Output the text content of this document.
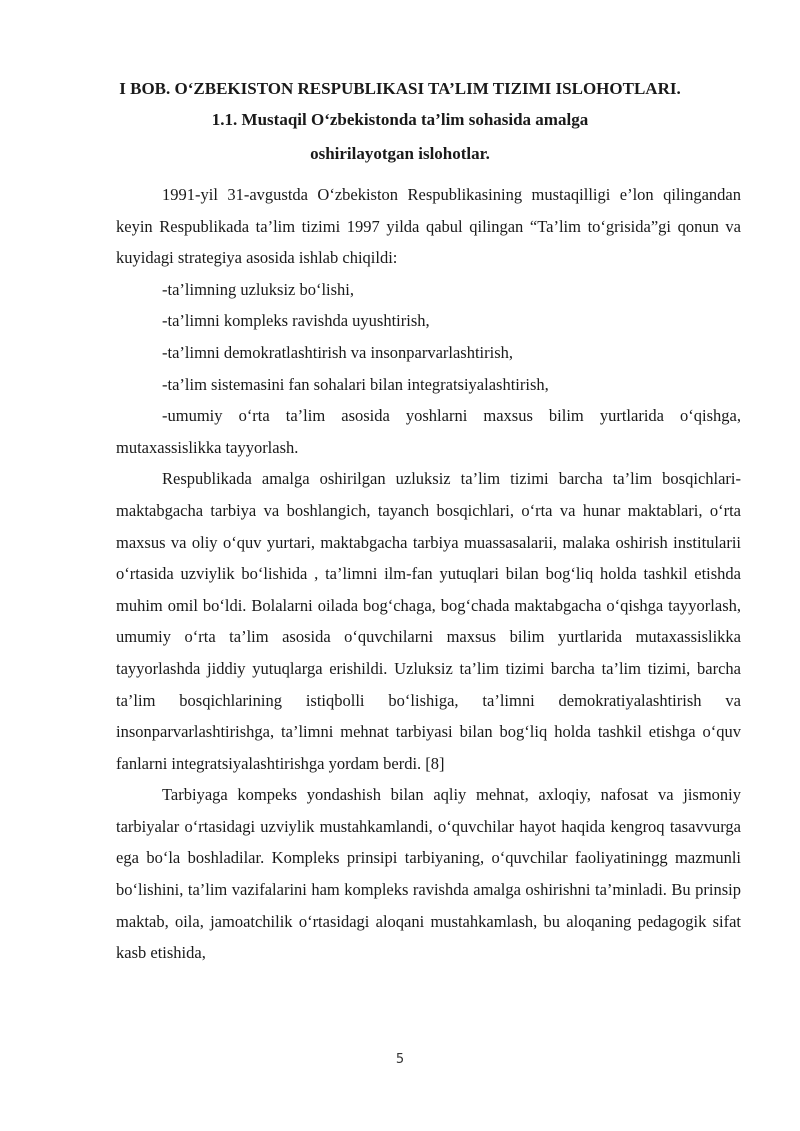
I BOB. O‘ZBEKISTON RESPUBLIKASI TA’LIM TIZIMI ISLOHOTLARI.
1.1. Mustaqil O‘zbekistonda ta’lim sohasida amalga
oshirilayotgan islohotlar.

1991-yil 31-avgustda O‘zbekiston Respublikasining mustaqilligi e’lon qilingandan keyin Respublikada ta’lim tizimi 1997 yilda qabul qilingan “Ta’lim to‘grisida”gi qonun va kuyidagi strategiya asosida ishlab chiqildi:

-ta’limning uzluksiz bo‘lishi,

-ta’limni kompleks ravishda uyushtirish,

-ta’limni demokratlashtirish va insonparvarlashtirish,

-ta’lim sistemasini fan sohalari bilan integratsiyalashtirish,

-umumiy o‘rta ta’lim asosida yoshlarni maxsus bilim yurtlarida o‘qishga, mutaxassislikka tayyorlash.

Respublikada amalga oshirilgan uzluksiz ta’lim tizimi barcha ta’lim bosqichlari-maktabgacha tarbiya va boshlangich, tayanch bosqichlari, o‘rta va hunar maktablari, o‘rta maxsus va oliy o‘quv yurtari, maktabgacha tarbiya muassasalarii, malaka oshirish institularii o‘rtasida uzviylik bo‘lishida , ta’limni ilm-fan yutuqlari bilan bog‘liq holda tashkil etishda muhim omil bo‘ldi. Bolalarni oilada bog‘chaga, bog‘chada maktabgacha o‘qishga tayyorlash, umumiy o‘rta ta’lim asosida o‘quvchilarni maxsus bilim yurtlarida mutaxassislikka tayyorlashda jiddiy yutuqlarga erishildi. Uzluksiz ta’lim tizimi barcha ta’lim tizimi, barcha ta’lim bosqichlarining istiqbolli bo‘lishiga, ta’limni demokratiyalashtirish va insonparvarlashtirishga, ta’limni mehnat tarbiyasi bilan bog‘liq holda tashkil etishga o‘quv fanlarni integratsiyalashtirishga yordam berdi. [8]

Tarbiyaga kompeks yondashish bilan aqliy mehnat, axloqiy, nafosat va jismoniy tarbiyalar o‘rtasidagi uzviylik mustahkamlandi, o‘quvchilar hayot haqida kengroq tasavvurga ega bo‘la boshladilar. Kompleks prinsipi tarbiyaning, o‘quvchilar faoliyatiningg mazmunli bo‘lishini, ta’lim vazifalarini ham kompleks ravishda amalga oshirishni ta’minladi. Bu prinsip maktab, oila, jamoatchilik o‘rtasidagi aloqani mustahkamlash, bu aloqaning pedagogik sifat kasb etishida,

5
